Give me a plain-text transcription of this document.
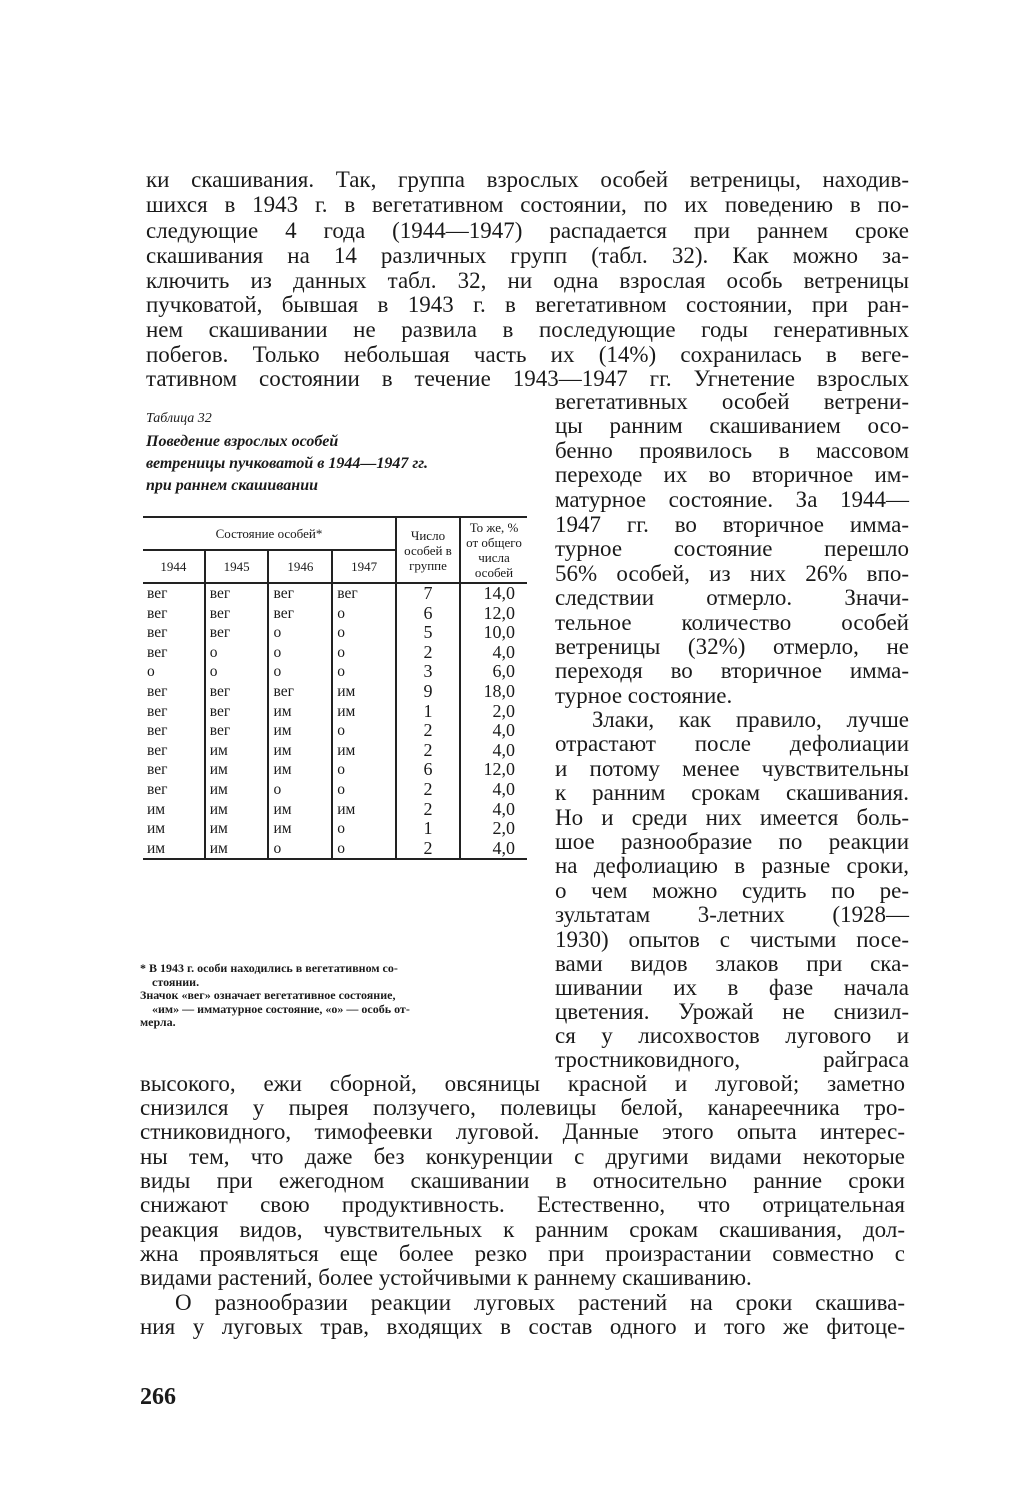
ки скашивания. Так, группа взрослых особей ветреницы, находив-
шихся в 1943 г. в вегетативном состоянии, по их поведению в по-
следующие 4 года (1944—1947) распадается при раннем сроке
скашивания на 14 различных групп (табл. 32). Как можно за-
ключить из данных табл. 32, ни одна взрослая особь ветреницы
пучковатой, бывшая в 1943 г. в вегетативном состоянии, при ран-
нем скашивании не развила в последующие годы генеративных
побегов. Только небольшая часть их (14%) сохранилась в веге-
тативном состоянии в течение 1943—1947 гг. Угнетение взрослых
вегетативных особей ветрени-
цы ранним скашиванием осо-
бенно проявилось в массовом
переходе их во вторичное им-
матурное состояние. За 1944—
1947 гг. во вторичное имма-
турное состояние перешло
56% особей, из них 26% впо-
следствии отмерло. Значи-
тельное количество особей
ветреницы (32%) отмерло, не
переходя во вторичное имма-
турное состояние.
Злаки, как правило, лучше
отрастают после дефолиации
и потому менее чувствительны
к ранним срокам скашивания.
Но и среди них имеется боль-
шое разнообразие по реакции
на дефолиацию в разные сроки,
о чем можно судить по ре-
зультатам 3-летних (1928—
1930) опытов с чистыми посе-
вами видов злаков при ска-
шивании их в фазе начала
цветения. Урожай не снизил-
ся у лисохвостов лугового и
тростниковидного, райграса
Таблица 32
Поведение взрослых особей
ветреницы пучковатой в 1944—1947 гг.
при раннем скашивании
Состояние особей*				Число особей в группе	То же, % от общего числа особей
1944	1945	1946	1947		
вег	вег	вег	вег	7	14,0
вег	вег	вег	о	6	12,0
вег	вег	о	о	5	10,0
вег	о	о	о	2	4,0
о	о	о	о	3	6,0
вег	вег	вег	им	9	18,0
вег	вег	им	им	1	2,0
вег	вег	им	о	2	4,0
вег	им	им	им	2	4,0
вег	им	им	о	6	12,0
вег	им	о	о	2	4,0
им	им	им	им	2	4,0
им	им	им	о	1	2,0
им	им	о	о	2	4,0
* В 1943 г. особи находились в вегетативном со-
стоянии.
Значок «вег» означает вегетативное состояние,
«им» — имматурное состояние, «о» — особь от-
мерла.
высокого, ежи сборной, овсяницы красной и луговой; заметно
снизился у пырея ползучего, полевицы белой, канареечника тро-
стниковидного, тимофеевки луговой. Данные этого опыта интерес-
ны тем, что даже без конкуренции с другими видами некоторые
виды при ежегодном скашивании в относительно ранние сроки
снижают свою продуктивность. Естественно, что отрицательная
реакция видов, чувствительных к ранним срокам скашивания, дол-
жна проявляться еще более резко при произрастании совместно с
видами растений, более устойчивыми к раннему скашиванию.
О разнообразии реакции луговых растений на сроки скашива-
ния у луговых трав, входящих в состав одного и того же фитоце-
266
